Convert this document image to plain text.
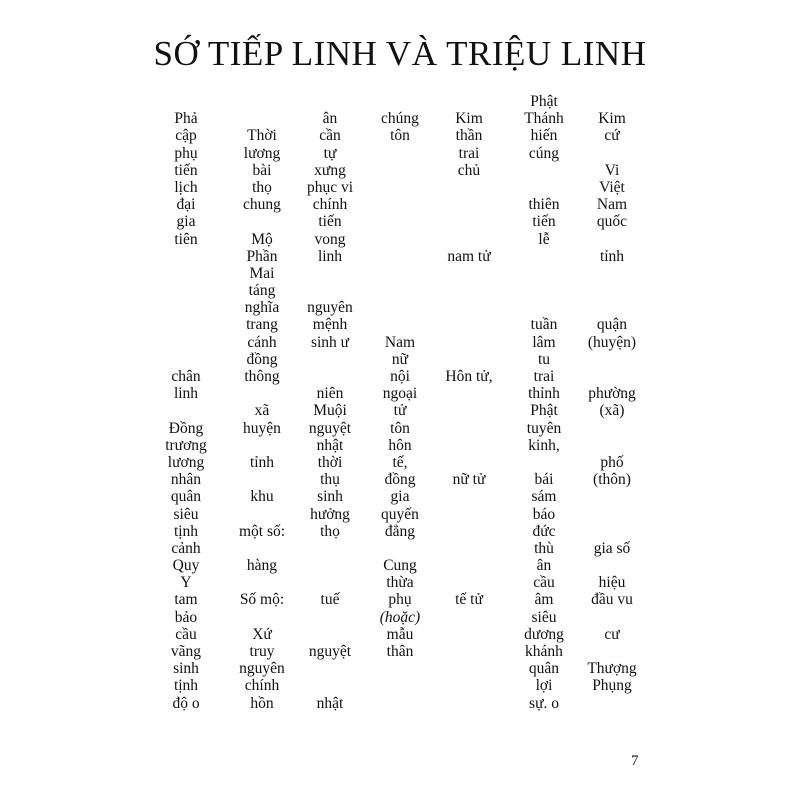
SỚ TIẾP LINH VÀ TRIỆU LINH
Phả
cập
phụ
tiến
lịch
đại
gia
tiên
chân
linh
Đồng
trương
lương
nhân
quân
siêu
tịnh
cảnh
Quy
Y
tam
bảo
cầu
vãng
sinh
tịnh
độ o
Thời
lương
bài
thọ
chung
Mộ
Phần
Mai
táng
nghĩa
trang
cánh
đồng
thông
xã
huyện
tỉnh
khu
một số:
hàng
Số mộ:
Xứ
truy
nguyên
chính
hồn
ân
cần
tự
xưng
phục vi
chính
tiến
vong
linh
nguyên
mệnh
sinh ư
niên
Muội
nguyệt
nhật
thời
thụ
sinh
hưởng
thọ
tuế
nguyệt
nhật
chúng
tôn
Nam
nữ
nội
ngoại
tử
tôn
hôn
tế,
đồng
gia
quyến
đẳng
Cung
thừa
phụ
(hoặc)
mẫu
thân
Kim
thần
trai
chủ
nam tử
Hôn tử,
nữ tử
tế tử
Phật
Thánh
hiến
cúng
thiên
tiến
lễ
tuần
lâm
tu
trai
thỉnh
Phật
tuyên
kinh,
bái
sám
báo
đức
thù
ân
cầu
âm
siêu
dương
khánh
quân
lợi
sự. o
Kim
cứ
Vi
Việt
Nam
quốc
tỉnh
quận
(huyện)
phường
(xã)
phố
(thôn)
gia số
hiệu
đầu vu
cư
Thượng
Phụng
7
